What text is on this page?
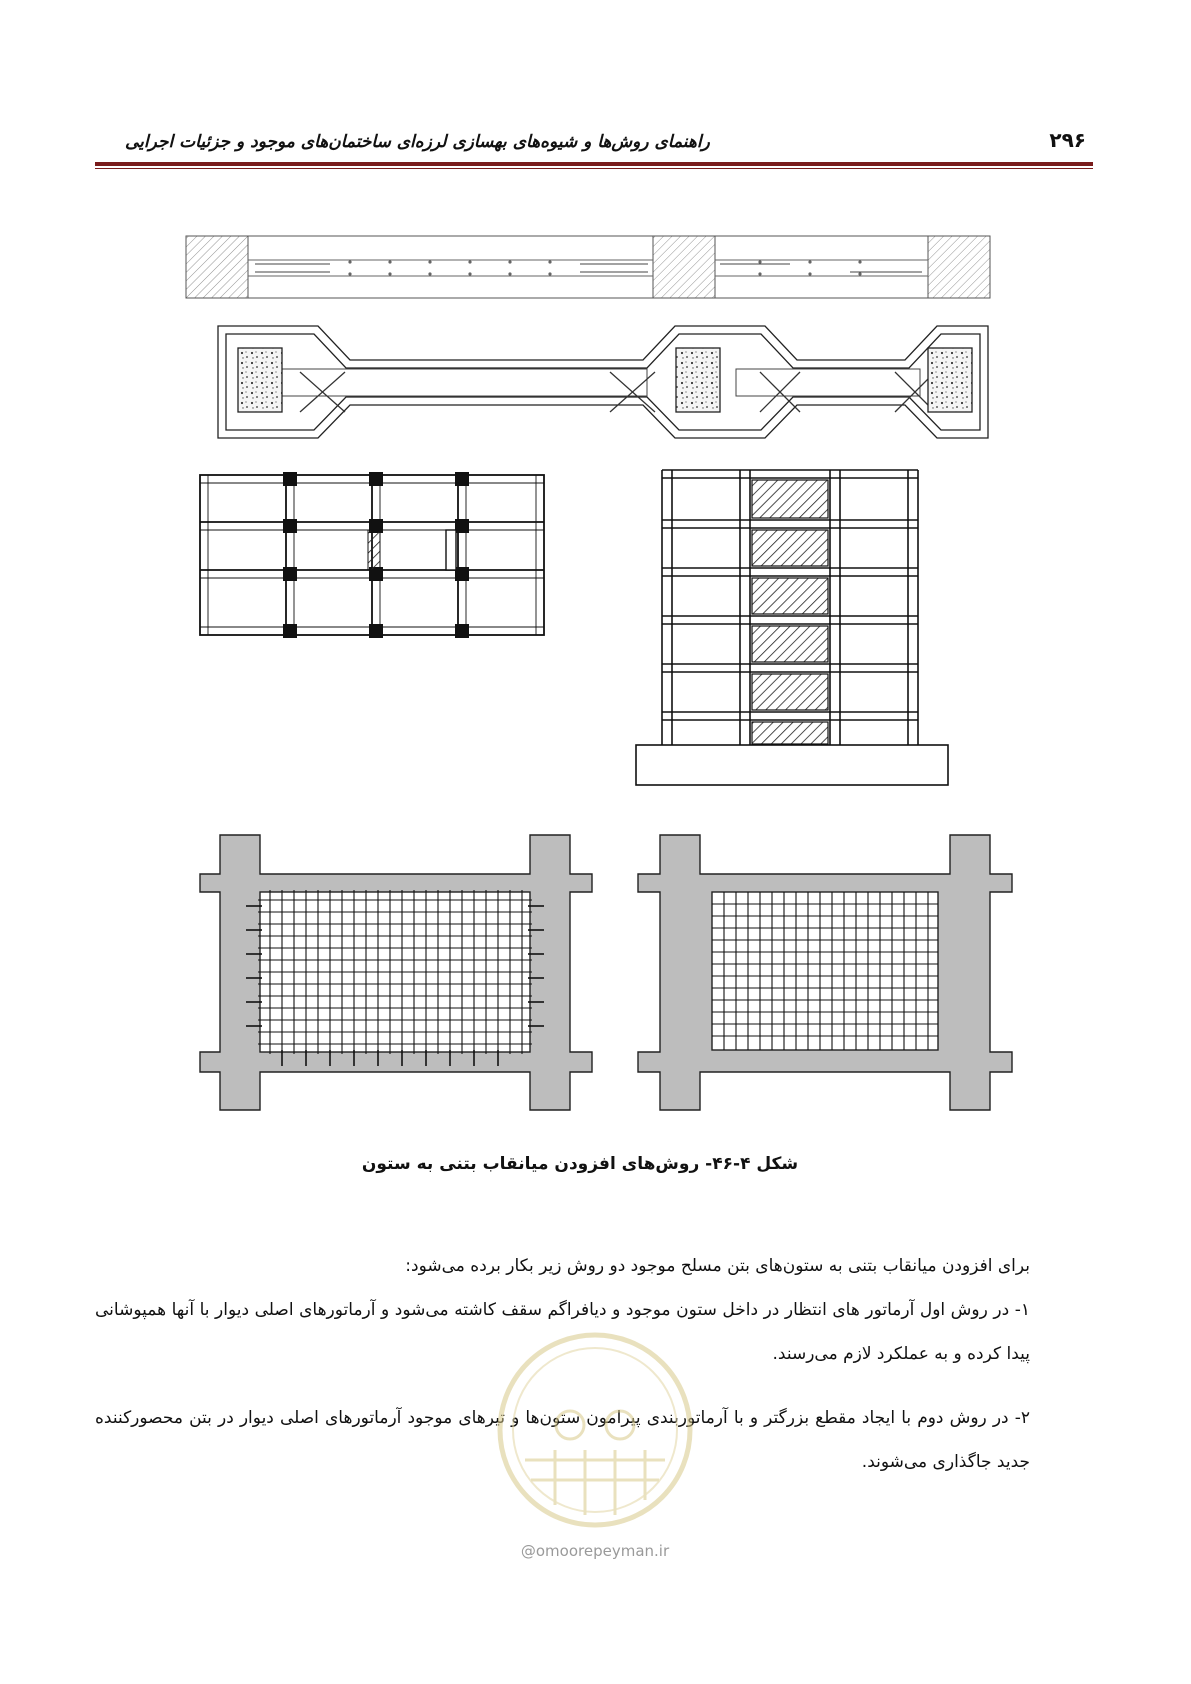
۲۹۶
راهنمای روش‌ها و شیوه‌های بهسازی لرزه‌ای ساختمان‌های موجود و جزئیات اجرایی
شکل ۴-۴۶- روش‌های افزودن میانقاب بتنی به ستون
برای افزودن میانقاب بتنی به ستون‌های بتن مسلح موجود دو روش زیر بکار برده می‌شود:
۱- در روش اول آرماتور های انتظار در داخل ستون موجود و دیافراگم سقف کاشته می‌شود و آرماتورهای اصلی دیوار با آنها همپوشانی پیدا کرده و به عملکرد لازم می‌رسند.
۲- در روش دوم با ایجاد مقطع بزرگتر و با آرماتوربندی پیرامون ستون‌ها و تیرهای موجود آرماتورهای اصلی دیوار در بتن محصورکننده جدید جاگذاری می‌شوند.
@omoorepeyman.ir
